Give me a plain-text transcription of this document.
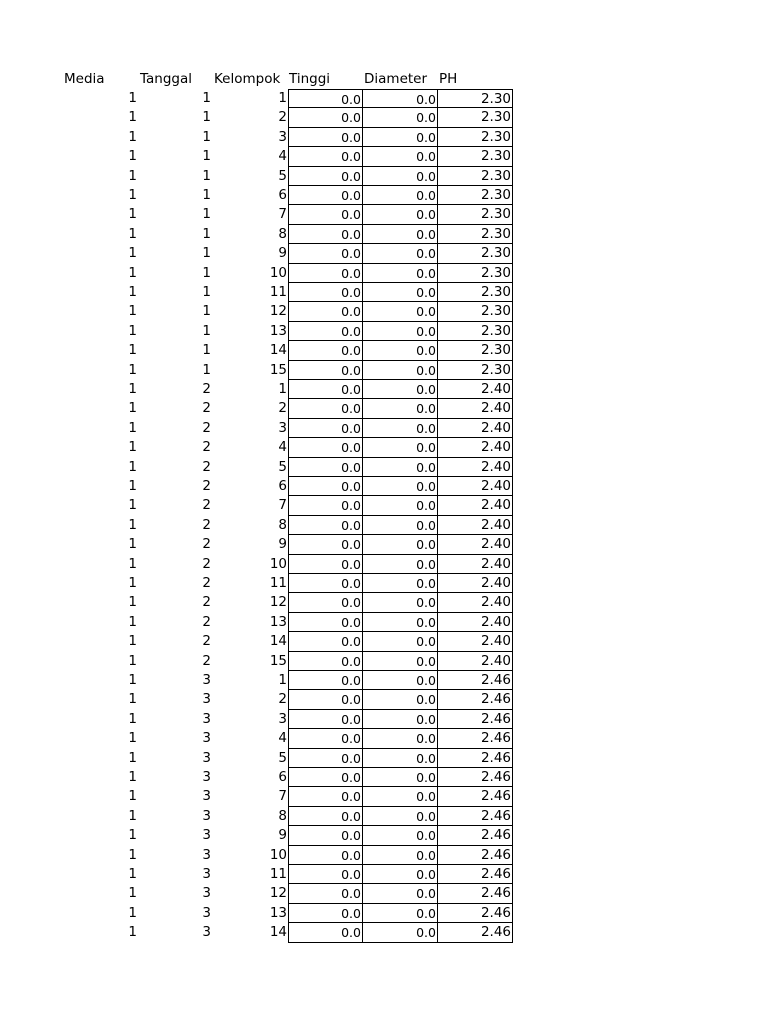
Media	Tanggal Kelompok Tinggi	Diameter PH
1	1	1	0.0	0.0	2.30
1	1	2	0.0	0.0	2.30
1	1	3	0.0	0.0	2.30
1	1	4	0.0	0.0	2.30
1	1	5	0.0	0.0	2.30
1	1	6	0.0	0.0	2.30
1	1	7	0.0	0.0	2.30
1	1	8	0.0	0.0	2.30
1	1	9	0.0	0.0	2.30
1	1	10	0.0	0.0	2.30
1	1	11	0.0	0.0	2.30
1	1	12	0.0	0.0	2.30
1	1	13	0.0	0.0	2.30
1	1	14	0.0	0.0	2.30
1	1	15	0.0	0.0	2.30
1	2	1	0.0	0.0	2.40
1	2	2	0.0	0.0	2.40
1	2	3	0.0	0.0	2.40
1	2	4	0.0	0.0	2.40
1	2	5	0.0	0.0	2.40
1	2	6	0.0	0.0	2.40
1	2	7	0.0	0.0	2.40
1	2	8	0.0	0.0	2.40
1	2	9	0.0	0.0	2.40
1	2	10	0.0	0.0	2.40
1	2	11	0.0	0.0	2.40
1	2	12	0.0	0.0	2.40
1	2	13	0.0	0.0	2.40
1	2	14	0.0	0.0	2.40
1	2	15	0.0	0.0	2.40
1	3	1	0.0	0.0	2.46
1	3	2	0.0	0.0	2.46
1	3	3	0.0	0.0	2.46
1	3	4	0.0	0.0	2.46
1	3	5	0.0	0.0	2.46
1	3	6	0.0	0.0	2.46
1	3	7	0.0	0.0	2.46
1	3	8	0.0	0.0	2.46
1	3	9	0.0	0.0	2.46
1	3	10	0.0	0.0	2.46
1	3	11	0.0	0.0	2.46
1	3	12	0.0	0.0	2.46
1	3	13	0.0	0.0	2.46
1	3	14	0.0	0.0	2.46
